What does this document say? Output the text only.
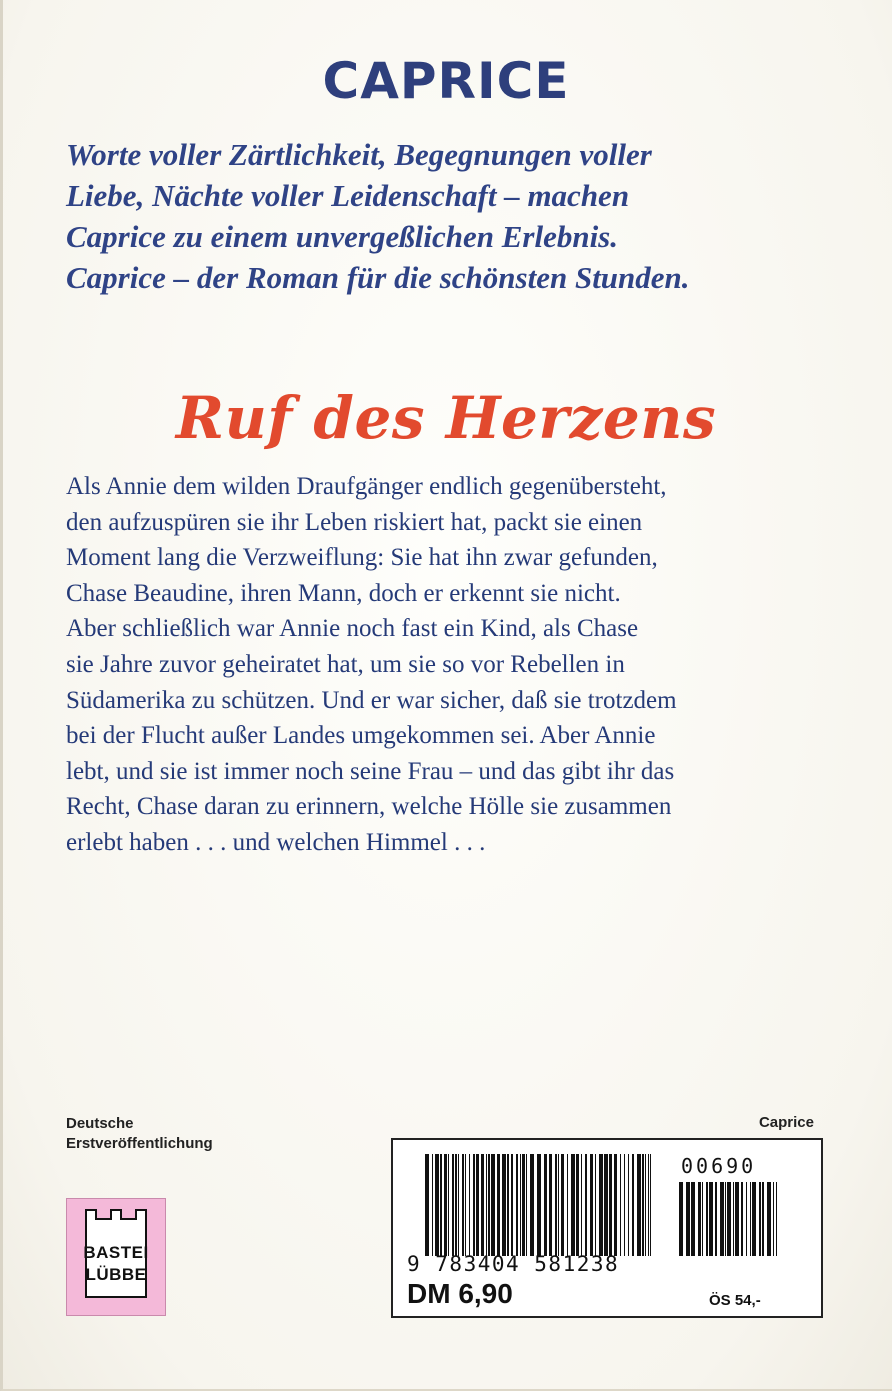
CAPRICE

Worte voller Zärtlichkeit, Begegnungen voller
Liebe, Nächte voller Leidenschaft – machen
Caprice zu einem unvergeßlichen Erlebnis.
Caprice – der Roman für die schönsten Stunden.

Ruf des Herzens

Als Annie dem wilden Draufgänger endlich gegenübersteht,
den aufzuspüren sie ihr Leben riskiert hat, packt sie einen
Moment lang die Verzweiflung: Sie hat ihn zwar gefunden,
Chase Beaudine, ihren Mann, doch er erkennt sie nicht.
Aber schließlich war Annie noch fast ein Kind, als Chase
sie Jahre zuvor geheiratet hat, um sie so vor Rebellen in
Südamerika zu schützen. Und er war sicher, daß sie trotzdem
bei der Flucht außer Landes umgekommen sei. Aber Annie
lebt, und sie ist immer noch seine Frau – und das gibt ihr das
Recht, Chase daran zu erinnern, welche Hölle sie zusammen
erlebt haben . . . und welchen Himmel . . .

Deutsche
Erstveröffentlichung
Caprice
BASTEI
LÜBBE
00690
9 783404 581238
DM 6,90	ÖS 54,-
